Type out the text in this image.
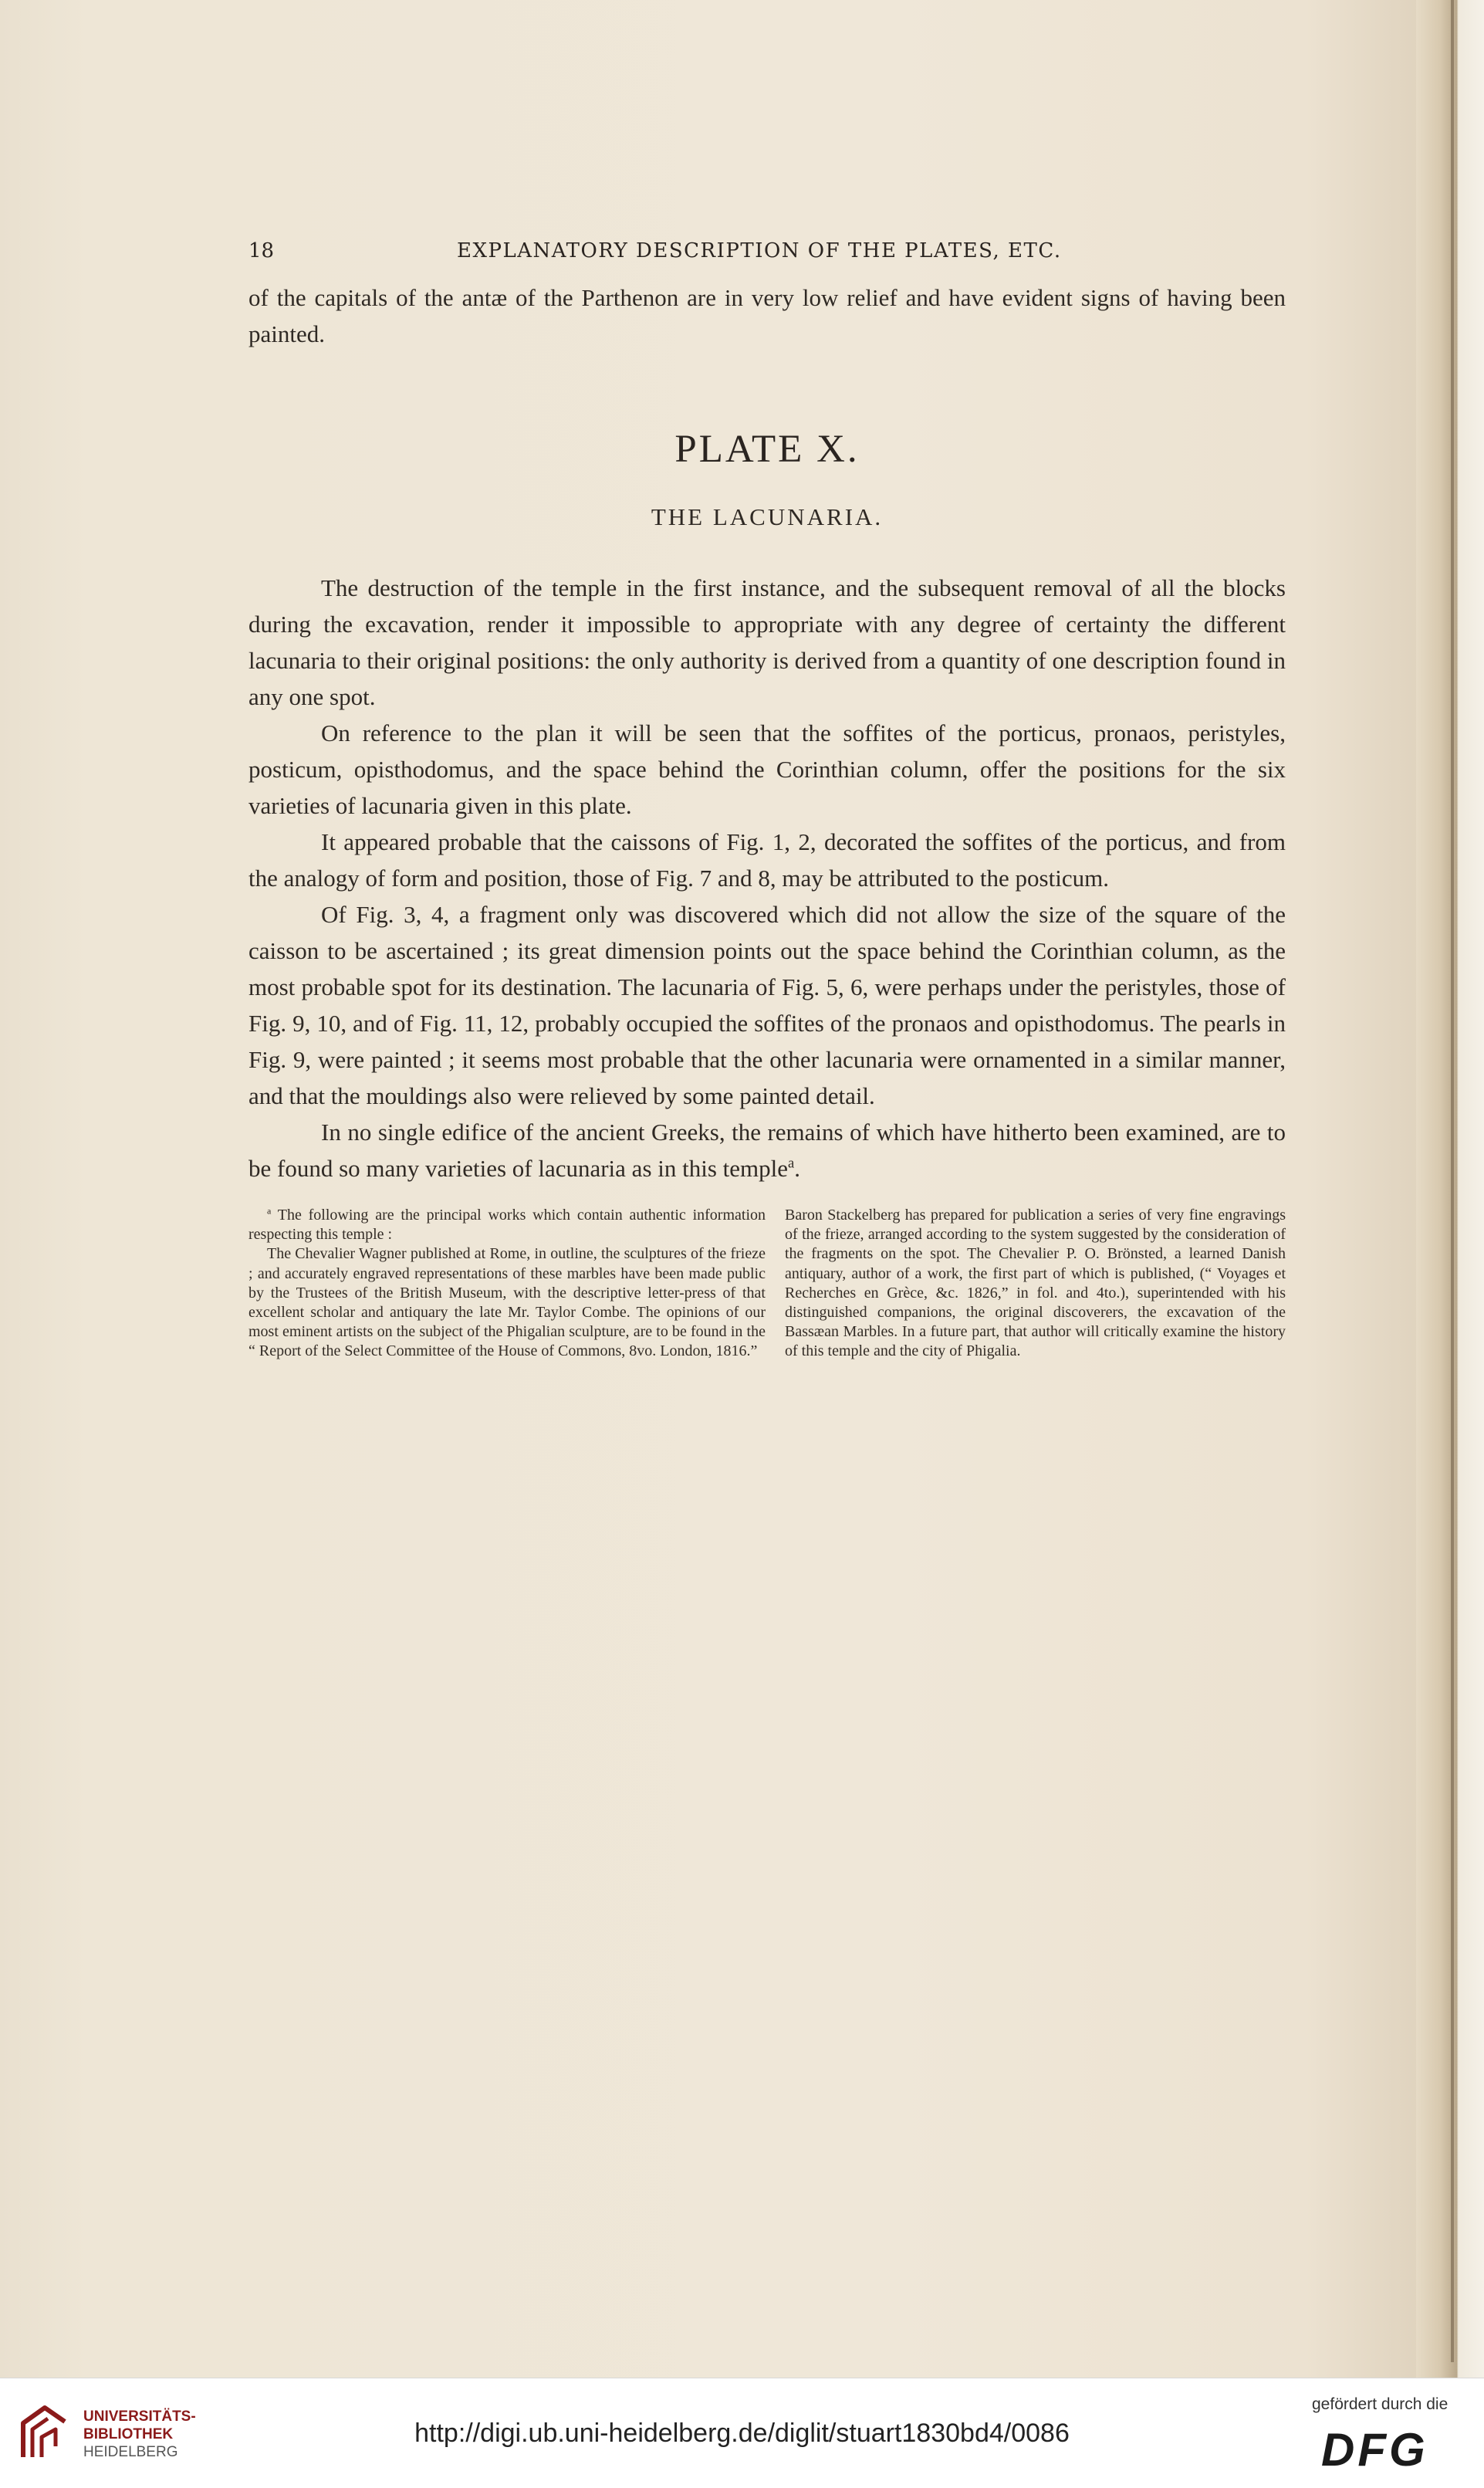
18	EXPLANATORY DESCRIPTION OF THE PLATES, ETC.
of the capitals of the antæ of the Parthenon are in very low relief and have evident signs of having been painted.
PLATE X.
THE LACUNARIA.

The destruction of the temple in the first instance, and the subsequent removal of all the blocks during the excavation, render it impossible to appropriate with any degree of certainty the different lacunaria to their original positions: the only authority is derived from a quantity of one description found in any one spot.

On reference to the plan it will be seen that the soffites of the porticus, pronaos, peristyles, posticum, opisthodomus, and the space behind the Corinthian column, offer the positions for the six varieties of lacunaria given in this plate.

It appeared probable that the caissons of Fig. 1, 2, decorated the soffites of the porticus, and from the analogy of form and position, those of Fig. 7 and 8, may be attributed to the posticum.

Of Fig. 3, 4, a fragment only was discovered which did not allow the size of the square of the caisson to be ascertained ; its great dimension points out the space behind the Corinthian column, as the most probable spot for its destination. The lacunaria of Fig. 5, 6, were perhaps under the peristyles, those of Fig. 9, 10, and of Fig. 11, 12, probably occupied the soffites of the pronaos and opisthodomus. The pearls in Fig. 9, were painted ; it seems most probable that the other lacunaria were ornamented in a similar manner, and that the mouldings also were relieved by some painted detail.

In no single edifice of the ancient Greeks, the remains of which have hitherto been examined, are to be found so many varieties of lacunaria as in this temple$^a$.

$^a$ The following are the principal works which contain authentic information respecting this temple :

The Chevalier Wagner published at Rome, in outline, the sculptures of the frieze ; and accurately engraved representations of these marbles have been made public by the Trustees of the British Museum, with the descriptive letter-press of that excellent scholar and antiquary the late Mr. Taylor Combe. The opinions of our most eminent artists on the subject of the Phigalian sculpture, are to be found in the “ Report of the Select Committee of the House of Commons, 8vo. London, 1816.”

Baron Stackelberg has prepared for publication a series of very fine engravings of the frieze, arranged according to the system suggested by the consideration of the fragments on the spot. The Chevalier P. O. Brönsted, a learned Danish antiquary, author of a work, the first part of which is published, (“ Voyages et Recherches en Grèce, &c. 1826,” in fol. and 4to.), superintended with his distinguished companions, the original discoverers, the excavation of the Bassæan Marbles. In a future part, that author will critically examine the history of this temple and the city of Phigalia.

UNIVERSITÄTS-
BIBLIOTHEK
HEIDELBERG
http://digi.ub.uni-heidelberg.de/diglit/stuart1830bd4/0086
gefördert durch die
DFG
